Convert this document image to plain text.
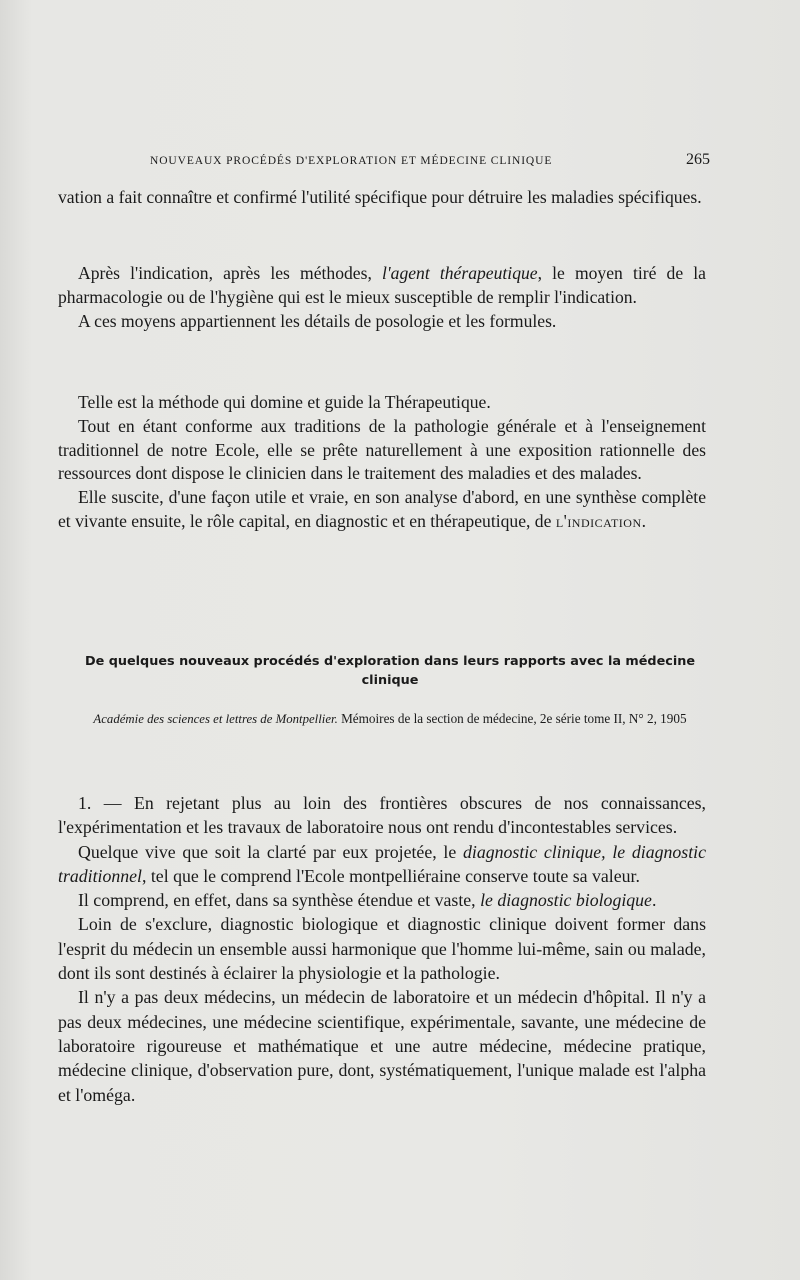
NOUVEAUX PROCÉDÉS D'EXPLORATION ET MÉDECINE CLINIQUE	265

vation a fait connaître et confirmé l'utilité spécifique pour détruire les maladies spécifiques.

Après l'indication, après les méthodes, l'agent thérapeutique, le moyen tiré de la pharmacologie ou de l'hygiène qui est le mieux susceptible de remplir l'indication.

A ces moyens appartiennent les détails de posologie et les formules.

Telle est la méthode qui domine et guide la Thérapeutique.

Tout en étant conforme aux traditions de la pathologie générale et à l'enseignement traditionnel de notre Ecole, elle se prête naturellement à une exposition rationnelle des ressources dont dispose le clinicien dans le traitement des maladies et des malades.

Elle suscite, d'une façon utile et vraie, en son analyse d'abord, en une synthèse complète et vivante ensuite, le rôle capital, en diagnostic et en thérapeutique, de l'indication.

De quelques nouveaux procédés d'exploration dans leurs rapports avec la médecine clinique
Académie des sciences et lettres de Montpellier. Mémoires de la section de médecine, 2e série tome II, N° 2, 1905

1. — En rejetant plus au loin des frontières obscures de nos connaissances, l'expérimentation et les travaux de laboratoire nous ont rendu d'incontestables services.

Quelque vive que soit la clarté par eux projetée, le diagnostic clinique, le diagnostic traditionnel, tel que le comprend l'Ecole montpelliéraine conserve toute sa valeur.

Il comprend, en effet, dans sa synthèse étendue et vaste, le diagnostic biologique.

Loin de s'exclure, diagnostic biologique et diagnostic clinique doivent former dans l'esprit du médecin un ensemble aussi harmonique que l'homme lui-même, sain ou malade, dont ils sont destinés à éclairer la physiologie et la pathologie.

Il n'y a pas deux médecins, un médecin de laboratoire et un médecin d'hôpital. Il n'y a pas deux médecines, une médecine scientifique, expérimentale, savante, une médecine de laboratoire rigoureuse et mathématique et une autre médecine, médecine pratique, médecine clinique, d'observation pure, dont, systématiquement, l'unique malade est l'alpha et l'oméga.
